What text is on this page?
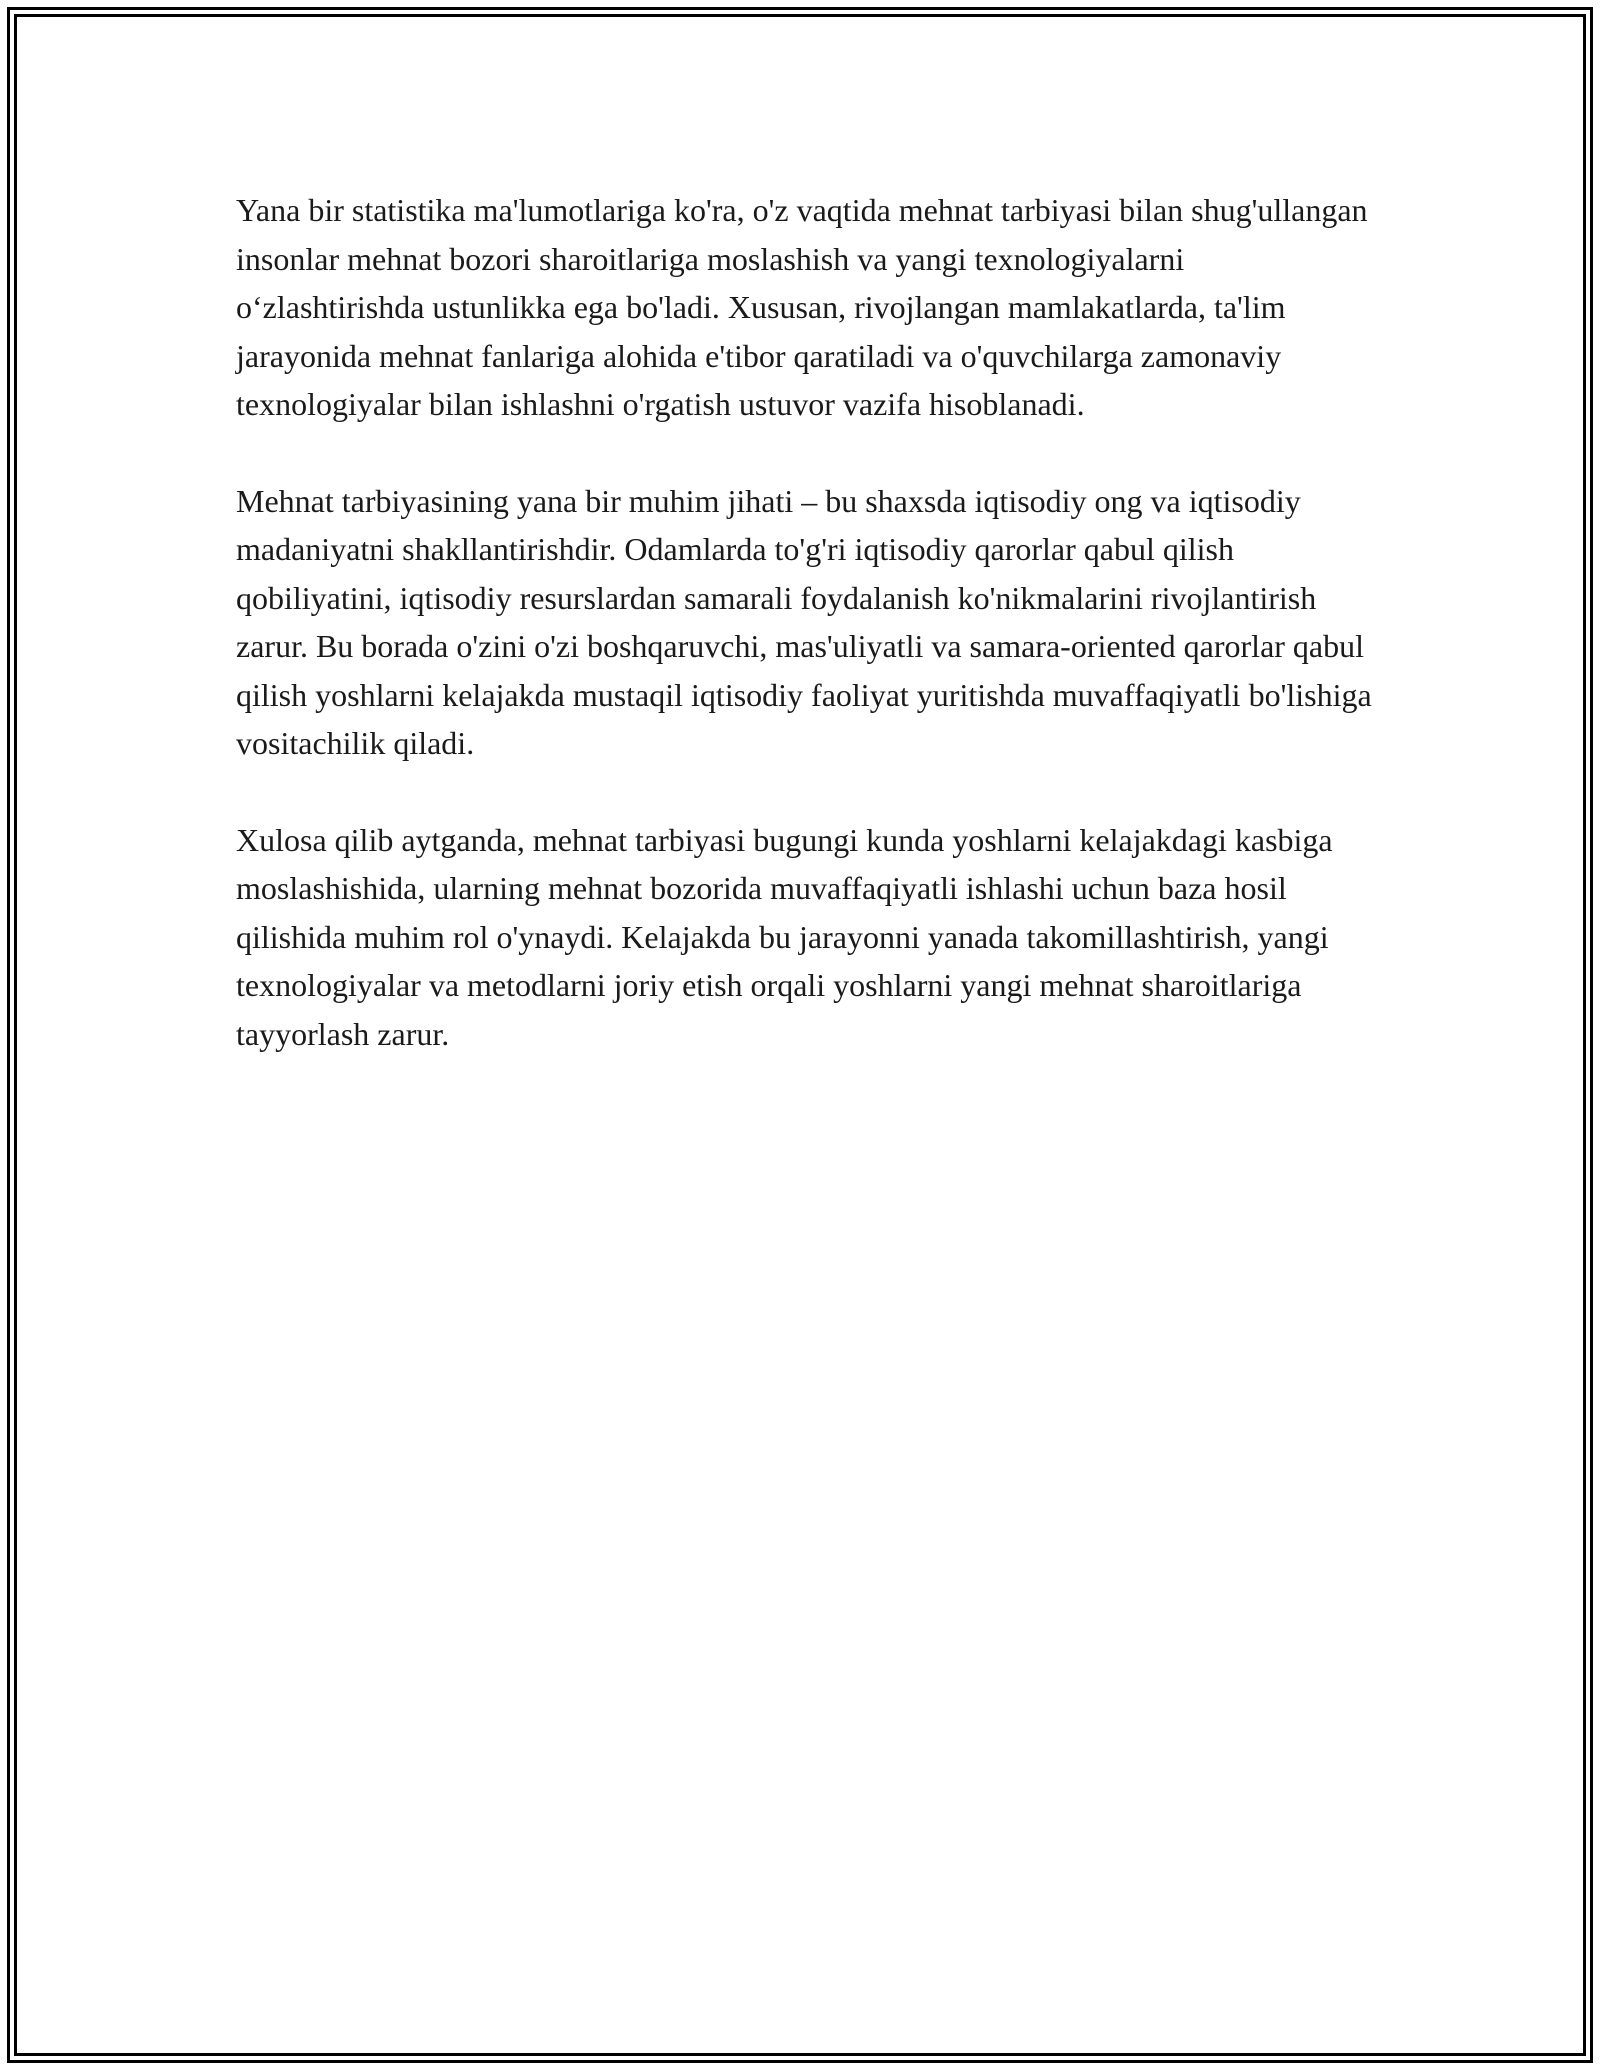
Yana bir statistika ma'lumotlariga ko'ra, o'z vaqtida mehnat tarbiyasi bilan shug'ullangan insonlar mehnat bozori sharoitlariga moslashish va yangi texnologiyalarni o‘zlashtirishda ustunlikka ega bo'ladi. Xususan, rivojlangan mamlakatlarda, ta'lim jarayonida mehnat fanlariga alohida e'tibor qaratiladi va o'quvchilarga zamonaviy texnologiyalar bilan ishlashni o'rgatish ustuvor vazifa hisoblanadi.

Mehnat tarbiyasining yana bir muhim jihati – bu shaxsda iqtisodiy ong va iqtisodiy madaniyatni shakllantirishdir. Odamlarda to'g'ri iqtisodiy qarorlar qabul qilish qobiliyatini, iqtisodiy resurslardan samarali foydalanish ko'nikmalarini rivojlantirish zarur. Bu borada o'zini o'zi boshqaruvchi, mas'uliyatli va samara-oriented qarorlar qabul qilish yoshlarni kelajakda mustaqil iqtisodiy faoliyat yuritishda muvaffaqiyatli bo'lishiga vositachilik qiladi.

Xulosa qilib aytganda, mehnat tarbiyasi bugungi kunda yoshlarni kelajakdagi kasbiga moslashishida, ularning mehnat bozorida muvaffaqiyatli ishlashi uchun baza hosil qilishida muhim rol o'ynaydi. Kelajakda bu jarayonni yanada takomillashtirish, yangi texnologiyalar va metodlarni joriy etish orqali yoshlarni yangi mehnat sharoitlariga tayyorlash zarur.
